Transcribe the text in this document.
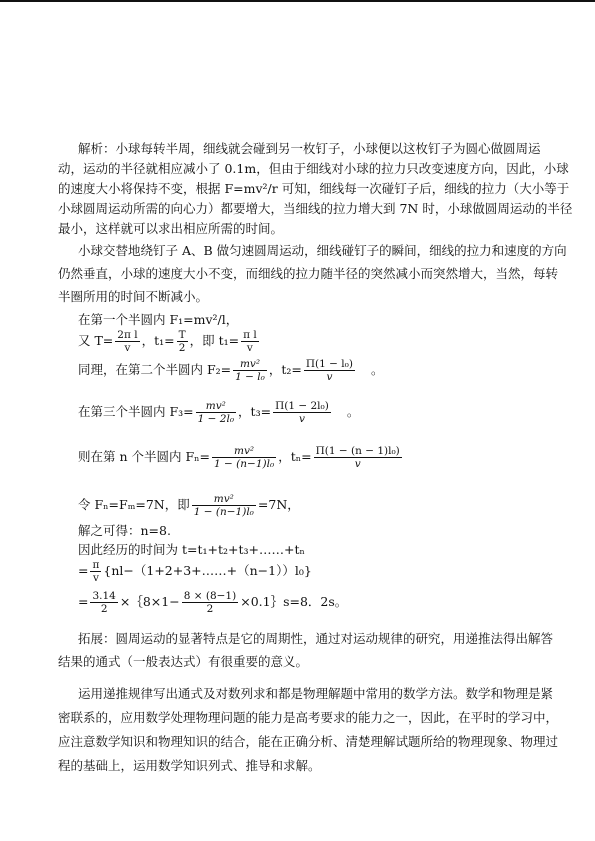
解析：小球每转半周，细线就会碰到另一枚钉子，小球便以这枚钉子为圆心做圆周运
动，运动的半径就相应减小了 0.1m，但由于细线对小球的拉力只改变速度方向，因此，小球
的速度大小将保持不变，根据 F=mv²/r 可知，细线每一次碰钉子后，细线的拉力（大小等于
小球圆周运动所需的向心力）都要增大，当细线的拉力增大到 7N 时，小球做圆周运动的半径
最小，这样就可以求出相应所需的时间。
小球交替地绕钉子 A、B 做匀速圆周运动，细线碰钉子的瞬间，细线的拉力和速度的方向
仍然垂直，小球的速度大小不变，而细线的拉力随半径的突然减小而突然增大，当然，每转
半圈所用的时间不断减小。
在第一个半圆内 F₁=mv²/l，
又 $T= \frac{\text{2π l}}{v}$ ，$t_1= \frac{T}{2}$ ，即 $t_1= \frac{\text{π l}}{v}$
同理，在第二个半圆内 $F_2= \frac{\text{mv²}}{\text{1 − l₀}}$ ，$t_2= \frac{\text{Π(1 − l₀)}}{v}$ 。
在第三个半圆内 $F_3= \frac{\text{mv²}}{\text{1 − 2l₀}}$ ，$t_3= \frac{\text{Π(1 − 2l₀)}}{v}$ 。
则在第 n 个半圆内 $F_n= \frac{\text{mv²}}{\text{1 − (n−1)l₀}}$ ，$t_n= \frac{\text{Π(1 − (n − 1)l₀)}}{v}$
令 Fₙ=Fₘ=7N，即 $\frac{\text{mv²}}{\text{1 − (n−1)l₀}} =7N$，
解之可得：n=8.
因此经历的时间为 t=t₁+t₂+t₃+……+tₙ
= $\frac{\pi}{v}$ {nl−（1+2+3+……+（n−1））l₀}
= $\frac{3.14}{2}$ ×｛8×1− $\frac{8 \times (8-1)}{2}$ ×0.1｝s=8．2s。
拓展：圆周运动的显著特点是它的周期性，通过对运动规律的研究，用递推法得出解答
结果的通式（一般表达式）有很重要的意义。
运用递推规律写出通式及对数列求和都是物理解题中常用的数学方法。数学和物理是紧
密联系的，应用数学处理物理问题的能力是高考要求的能力之一，因此，在平时的学习中，
应注意数学知识和物理知识的结合，能在正确分析、清楚理解试题所给的物理现象、物理过
程的基础上，运用数学知识列式、推导和求解。
